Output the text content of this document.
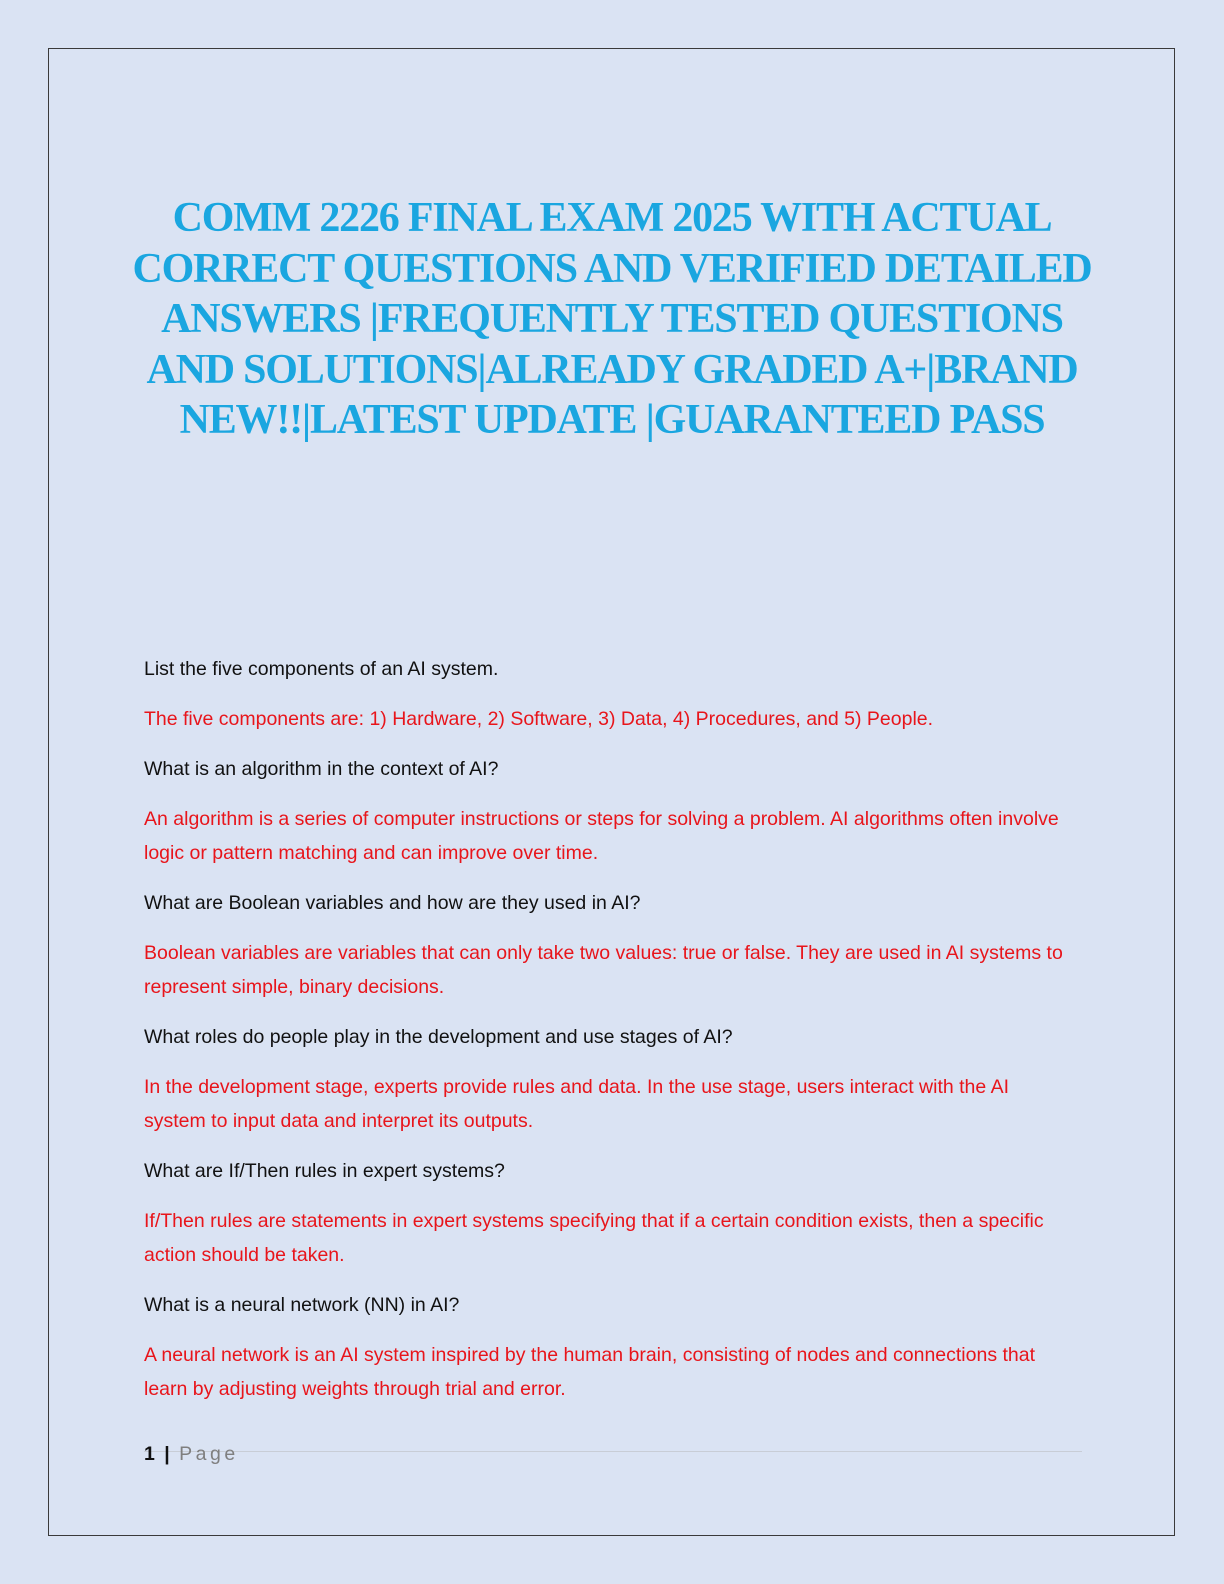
COMM 2226 FINAL EXAM 2025 WITH ACTUAL CORRECT QUESTIONS AND VERIFIED DETAILED ANSWERS |FREQUENTLY TESTED QUESTIONS AND SOLUTIONS|ALREADY GRADED A+|BRAND NEW!!|LATEST UPDATE |GUARANTEED PASS

List the five components of an AI system.

The five components are: 1) Hardware, 2) Software, 3) Data, 4) Procedures, and 5) People.

What is an algorithm in the context of AI?

An algorithm is a series of computer instructions or steps for solving a problem. AI algorithms often involve logic or pattern matching and can improve over time.

What are Boolean variables and how are they used in AI?

Boolean variables are variables that can only take two values: true or false. They are used in AI systems to represent simple, binary decisions.

What roles do people play in the development and use stages of AI?

In the development stage, experts provide rules and data. In the use stage, users interact with the AI system to input data and interpret its outputs.

What are If/Then rules in expert systems?

If/Then rules are statements in expert systems specifying that if a certain condition exists, then a specific action should be taken.

What is a neural network (NN) in AI?

A neural network is an AI system inspired by the human brain, consisting of nodes and connections that learn by adjusting weights through trial and error.

1 | Page
